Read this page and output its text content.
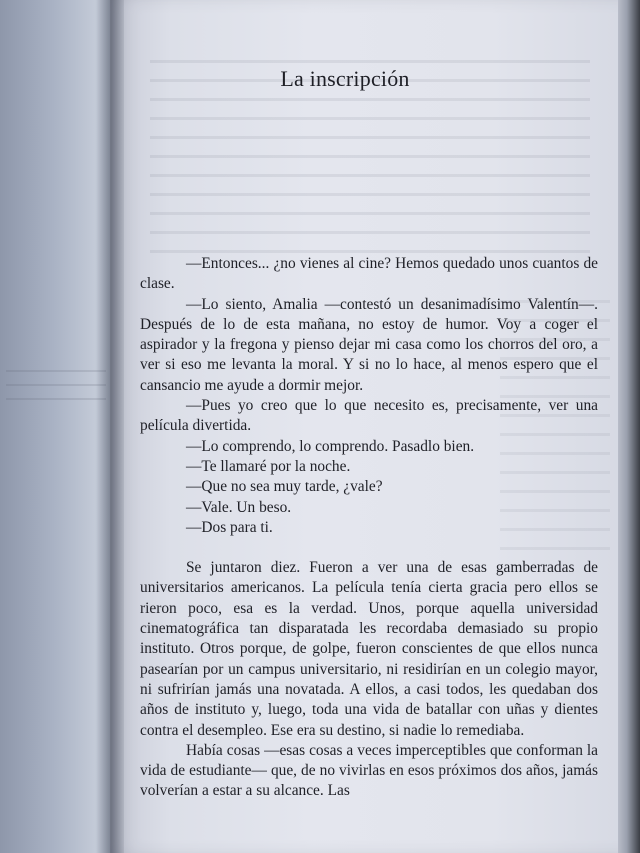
La inscripción

—Entonces... ¿no vienes al cine? Hemos quedado unos cuantos de clase.

—Lo siento, Amalia —contestó un desanimadísimo Valentín—. Después de lo de esta mañana, no estoy de humor. Voy a coger el aspirador y la fregona y pienso dejar mi casa como los chorros del oro, a ver si eso me levanta la moral. Y si no lo hace, al menos espero que el cansancio me ayude a dormir mejor.

—Pues yo creo que lo que necesito es, precisamente, ver una película divertida.

—Lo comprendo, lo comprendo. Pasadlo bien.

—Te llamaré por la noche.

—Que no sea muy tarde, ¿vale?

—Vale. Un beso.

—Dos para ti.

Se juntaron diez. Fueron a ver una de esas gamberradas de universitarios americanos. La película tenía cierta gracia pero ellos se rieron poco, esa es la verdad. Unos, porque aquella universidad cinematográfica tan disparatada les recordaba demasiado su propio instituto. Otros porque, de golpe, fueron conscientes de que ellos nunca pasearían por un campus universitario, ni residirían en un colegio mayor, ni sufrirían jamás una novatada. A ellos, a casi todos, les quedaban dos años de instituto y, luego, toda una vida de batallar con uñas y dientes contra el desempleo. Ese era su destino, si nadie lo remediaba.

Había cosas —esas cosas a veces imperceptibles que conforman la vida de estudiante— que, de no vivirlas en esos próximos dos años, jamás volverían a estar a su alcance. Las
